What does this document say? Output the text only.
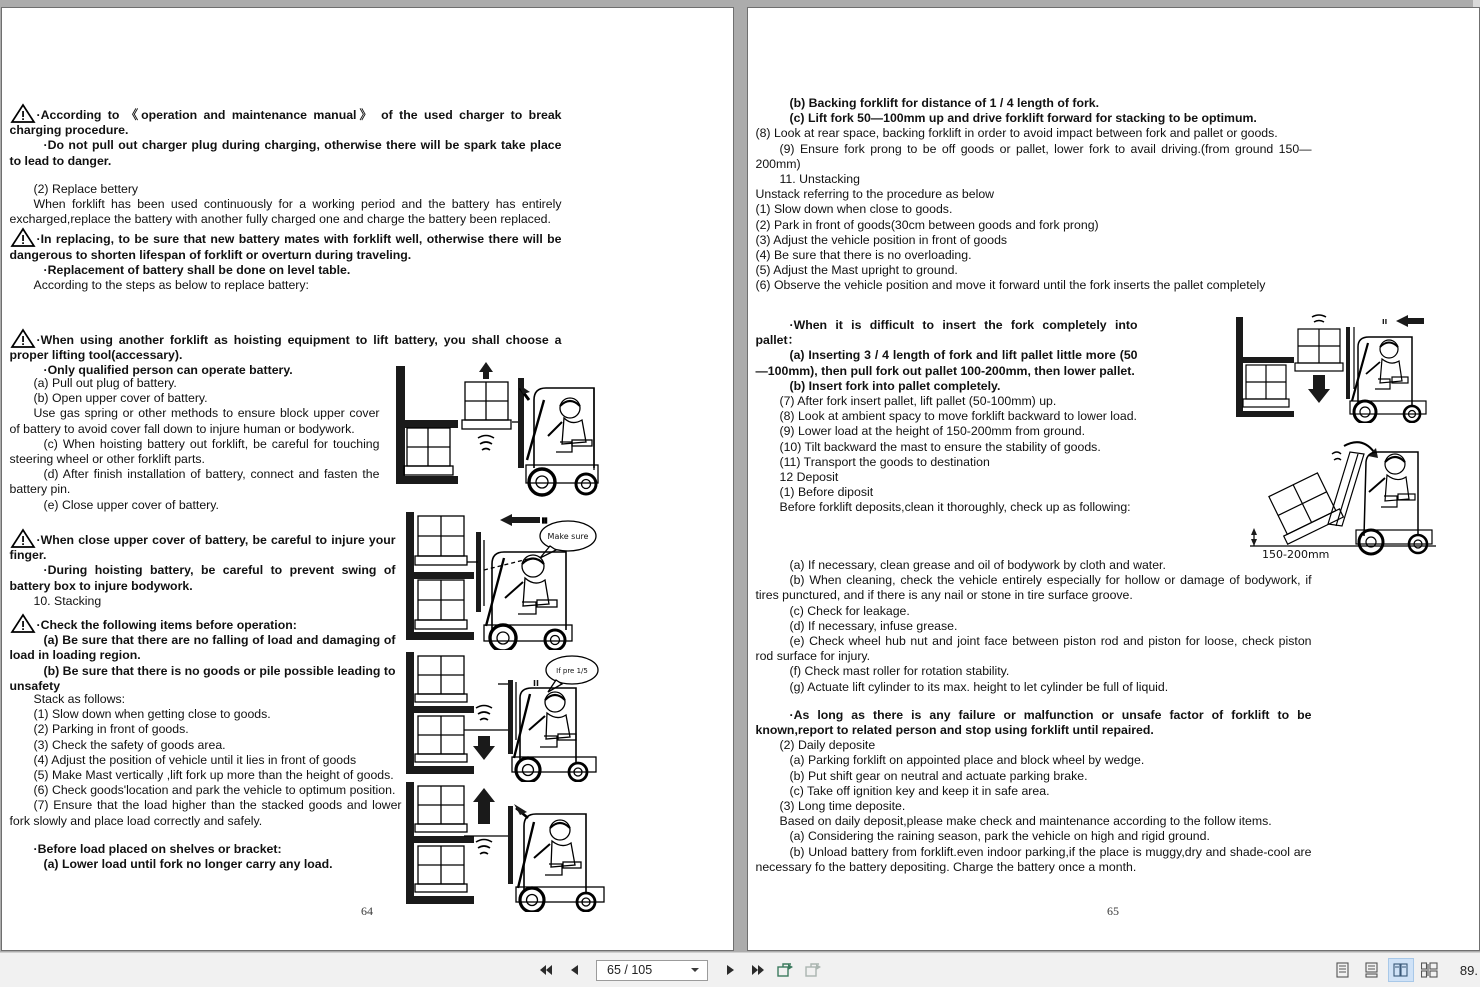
·According to 《operation and maintenance manual》 of the used charger to break charging procedure.

·Do not pull out charger plug during charging, otherwise there will be spark take place to lead to danger.

(2) Replace bettery

When forklift has been used continuously for a working period and the battery has entirely excharged,replace the battery with another fully charged one and charge the battery been replaced.

·In replacing, to be sure that new battery mates with forklift well, otherwise there will be dangerous to shorten lifespan of forklift or overturn during traveling.

·Replacement of battery shall be done on level table.

According to the steps as below to replace battery:

·When using another forklift as hoisting equipment to lift battery, you shall choose a proper lifting tool(accessary).

·Only qualified person can operate battery.

(a) Pull out plug of battery.

(b) Open upper cover of battery.

Use gas spring or other methods to ensure block upper cover of battery to avoid cover fall down to injure human or bodywork.

(c) When hoisting battery out forklift, be careful for touching steering wheel or other forklift parts.

(d) After finish installation of battery, connect and fasten the battery pin.

(e) Close upper cover of battery.

·When close upper cover of battery, be careful to injure your finger.

·During hoisting battery, be careful to prevent swing of battery box to injure bodywork.

10. Stacking

·Check the following items before operation:

(a) Be sure that there are no falling of load and damaging of load in loading region.

(b) Be sure that there is no goods or pile possible leading to unsafety

Stack as follows:

(1) Slow down when getting close to goods.

(2) Parking in front of goods.

(3) Check the safety of goods area.

(4) Adjust the position of vehicle until it lies in front of goods

(5) Make Mast vertically ,lift fork up more than the height of goods.

(6) Check goods'location and park the vehicle to optimum position.

(7) Ensure that the load higher than the stacked goods and lower fork slowly and place load correctly and safely.

·Before load placed on shelves or bracket:

(a) Lower load until fork no longer carry any load.

II
Make sure
II
If pre 1/5
64

(b) Backing forklift for distance of 1 / 4 length of fork.

(c) Lift fork 50—100mm up and drive forklift forward for stacking to be optimum.

(8) Look at rear space, backing forklift in order to avoid impact between fork and pallet or goods.

(9) Ensure fork prong to be off goods or pallet, lower fork to avail driving.(from ground 150—200mm)

11. Unstacking

Unstack referring to the procedure as below

(1) Slow down when close to goods.

(2) Park in front of goods(30cm between goods and fork prong)

(3) Adjust the vehicle position in front of goods

(4) Be sure that there is no overloading.

(5) Adjust the Mast upright to ground.

(6) Observe the vehicle position and move it forward until the fork inserts the pallet completely

·When it is difficult to insert the fork completely into pallet：

(a) Inserting 3 / 4 length of fork and lift pallet little more (50—100mm), then pull fork out pallet 100-200mm, then lower pallet.

(b) Insert fork into pallet completely.

(7) After fork insert pallet, lift pallet (50-100mm) up.

(8) Look at ambient spacy to move forklift backward to lower load.

(9) Lower load at the height of 150-200mm from ground.

(10) Tilt backward the mast to ensure the stability of goods.

(11) Transport the goods to destination

12 Deposit

(1) Before diposit

Before forklift deposits,clean it thoroughly, check up as following:

(a) If necessary, clean grease and oil of bodywork by cloth and water.

(b) When cleaning, check the vehicle entirely especially for hollow or damage of bodywork, if tires punctured, and if there is any nail or stone in tire surface groove.

(c) Check for leakage.

(d) If necessary, infuse grease.

(e) Check wheel hub nut and joint face between piston rod and piston for loose, check piston rod surface for injury.

(f) Check mast roller for rotation stability.

(g) Actuate lift cylinder to its max. height to let cylinder be full of liquid.

·As long as there is any failure or malfunction or unsafe factor of forklift to be known,report to related person and stop using forklift until repaired.

(2) Daily deposite

(a) Parking forklift on appointed place and block wheel by wedge.

(b) Put shift gear on neutral and actuate parking brake.

(c) Take off ignition key and keep it in safe area.

(3) Long time deposite.

Based on daily deposit,please make check and maintenance according to the follow items.

(a) Considering the raining season, park the vehicle on high and rigid ground.

(b) Unload battery from forklift.even indoor parking,if the place is muggy,dry and shade-cool are necessary fo the battery depositing. Charge the battery once a month.

II
150-200mm
65
65 / 105	89.
